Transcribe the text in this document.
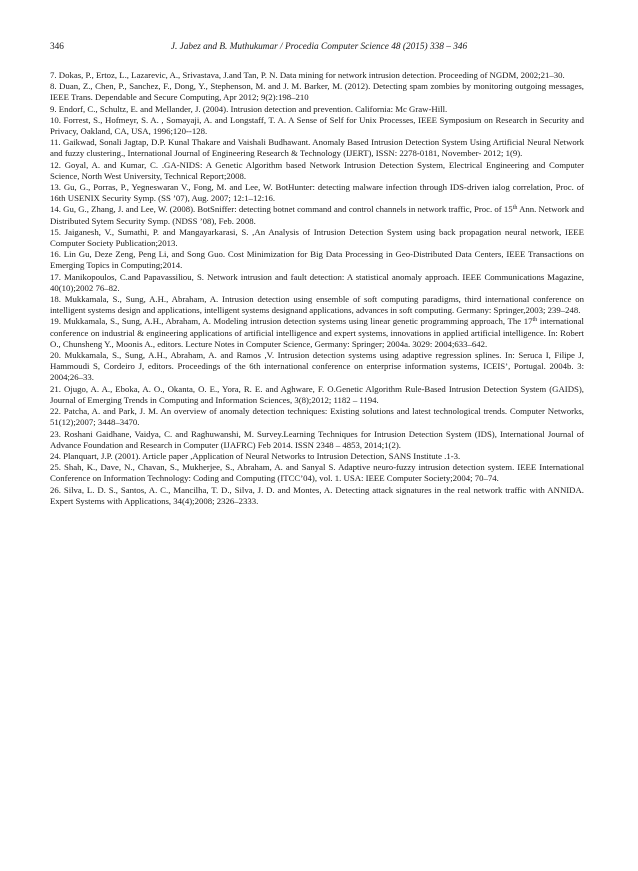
346	J. Jabez and B. Muthukumar / Procedia Computer Science 48 (2015) 338 – 346

7. Dokas, P., Ertoz, L., Lazarevic, A., Srivastava, J.and Tan, P. N. Data mining for network intrusion detection. Proceeding of NGDM, 2002;21–30.

8. Duan, Z., Chen, P., Sanchez, F., Dong, Y., Stephenson, M. and J. M. Barker, M. (2012). Detecting spam zombies by monitoring outgoing messages, IEEE Trans. Dependable and Secure Computing, Apr 2012; 9(2):198–210

9. Endorf, C., Schultz, E. and Mellander, J. (2004). Intrusion detection and prevention. California: Mc Graw-Hill.

10. Forrest, S., Hofmeyr, S. A. , Somayaji, A. and Longstaff, T. A. A Sense of Self for Unix Processes, IEEE Symposium on Research in Security and Privacy, Oakland, CA, USA, 1996;120--128.

11. Gaikwad, Sonali Jagtap, D.P. Kunal Thakare and Vaishali Budhawant. Anomaly Based Intrusion Detection System Using Artificial Neural Network and fuzzy clustering., International Journal of Engineering Research & Technology (IJERT), ISSN: 2278-0181, November- 2012; 1(9).

12. Goyal, A. and Kumar, C. .GA-NIDS: A Genetic Algorithm based Network Intrusion Detection System, Electrical Engineering and Computer Science, North West University, Technical Report;2008.

13. Gu, G., Porras, P., Yegneswaran V., Fong, M. and Lee, W. BotHunter: detecting malware infection through IDS-driven ialog correlation, Proc. of 16th USENIX Security Symp. (SS ’07), Aug. 2007; 12:1–12:16.

14. Gu, G., Zhang, J. and Lee, W. (2008). BotSniffer: detecting botnet command and control channels in network traffic, Proc. of 15th Ann. Network and Distributed Sytem Security Symp. (NDSS ’08), Feb. 2008.

15. Jaiganesh, V., Sumathi, P. and Mangayarkarasi, S. ,An Analysis of Intrusion Detection System using back propagation neural network, IEEE Computer Society Publication;2013.

16. Lin Gu, Deze Zeng, Peng Li, and Song Guo. Cost Minimization for Big Data Processing in Geo-Distributed Data Centers, IEEE Transactions on Emerging Topics in Computing;2014.

17. Manikopoulos, C.and Papavassiliou, S. Network intrusion and fault detection: A statistical anomaly approach. IEEE Communications Magazine, 40(10);2002 76–82.

18. Mukkamala, S., Sung, A.H., Abraham, A. Intrusion detection using ensemble of soft computing paradigms, third international conference on intelligent systems design and applications, intelligent systems designand applications, advances in soft computing. Germany: Springer,2003; 239–248.

19. Mukkamala, S., Sung, A.H., Abraham, A. Modeling intrusion detection systems using linear genetic programming approach, The 17th international conference on industrial & engineering applications of artificial intelligence and expert systems, innovations in applied artificial intelligence. In: Robert O., Chunsheng Y., Moonis A., editors. Lecture Notes in Computer Science, Germany: Springer; 2004a. 3029: 2004;633–642.

20. Mukkamala, S., Sung, A.H., Abraham, A. and Ramos ,V. Intrusion detection systems using adaptive regression splines. In: Seruca I, Filipe J, Hammoudi S, Cordeiro J, editors. Proceedings of the 6th international conference on enterprise information systems, ICEIS’, Portugal. 2004b. 3: 2004;26–33.

21. Ojugo, A. A., Eboka, A. O., Okanta, O. E., Yora, R. E. and Aghware, F. O.Genetic Algorithm Rule-Based Intrusion Detection System (GAIDS), Journal of Emerging Trends in Computing and Information Sciences, 3(8);2012; 1182 – 1194.

22. Patcha, A. and Park, J. M. An overview of anomaly detection techniques: Existing solutions and latest technological trends. Computer Networks, 51(12);2007; 3448–3470.

23. Roshani Gaidhane, Vaidya, C. and Raghuwanshi, M. Survey.Learning Techniques for Intrusion Detection System (IDS), International Journal of Advance Foundation and Research in Computer (IJAFRC) Feb 2014. ISSN 2348 – 4853, 2014;1(2).

24. Planquart, J.P. (2001). Article paper ,Application of Neural Networks to Intrusion Detection, SANS Institute .1-3.

25. Shah, K., Dave, N., Chavan, S., Mukherjee, S., Abraham, A. and Sanyal S. Adaptive neuro-fuzzy intrusion detection system. IEEE International Conference on Information Technology: Coding and Computing (ITCC’04), vol. 1. USA: IEEE Computer Society;2004; 70–74.

26. Silva, L. D. S., Santos, A. C., Mancilha, T. D., Silva, J. D. and Montes, A. Detecting attack signatures in the real network traffic with ANNIDA. Expert Systems with Applications, 34(4);2008; 2326–2333.
